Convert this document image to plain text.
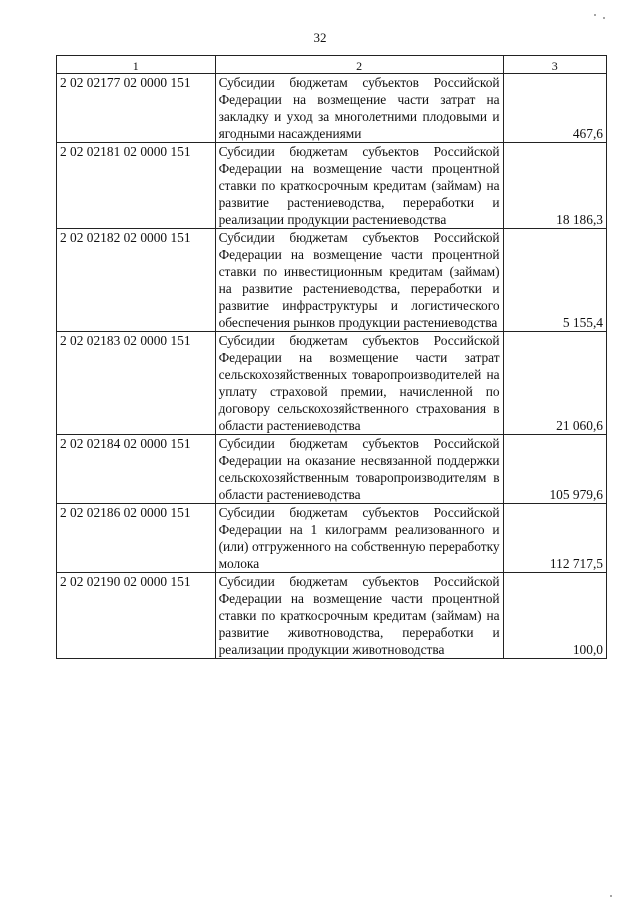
32
1	2	3
2 02 02177 02 0000 151	Субсидии бюджетам субъектов Российской Федерации на возмещение части затрат на закладку и уход за многолетними плодовыми и ягодными насаждениями	467,6
2 02 02181 02 0000 151	Субсидии бюджетам субъектов Российской Федерации на возмещение части процентной ставки по краткосрочным кредитам (займам) на развитие растениеводства, переработки и реализации продукции растениеводства	18 186,3
2 02 02182 02 0000 151	Субсидии бюджетам субъектов Российской Федерации на возмещение части процентной ставки по инвестиционным кредитам (займам) на развитие растениеводства, переработки и развитие инфраструктуры и логистического обеспечения рынков продукции растениеводства	5 155,4
2 02 02183 02 0000 151	Субсидии бюджетам субъектов Российской Федерации на возмещение части затрат сельскохозяйственных товаропроизводителей на уплату страховой премии, начисленной по договору сельскохозяйственного страхования в области растениеводства	21 060,6
2 02 02184 02 0000 151	Субсидии бюджетам субъектов Российской Федерации на оказание несвязанной поддержки сельскохозяйственным товаропроизводителям в области растениеводства	105 979,6
2 02 02186 02 0000 151	Субсидии бюджетам субъектов Российской Федерации на 1 килограмм реализованного и (или) отгруженного на собственную переработку молока	112 717,5
2 02 02190 02 0000 151	Субсидии бюджетам субъектов Российской Федерации на возмещение части процентной ставки по краткосрочным кредитам (займам) на развитие животноводства, переработки и реализации продукции животноводства	100,0
